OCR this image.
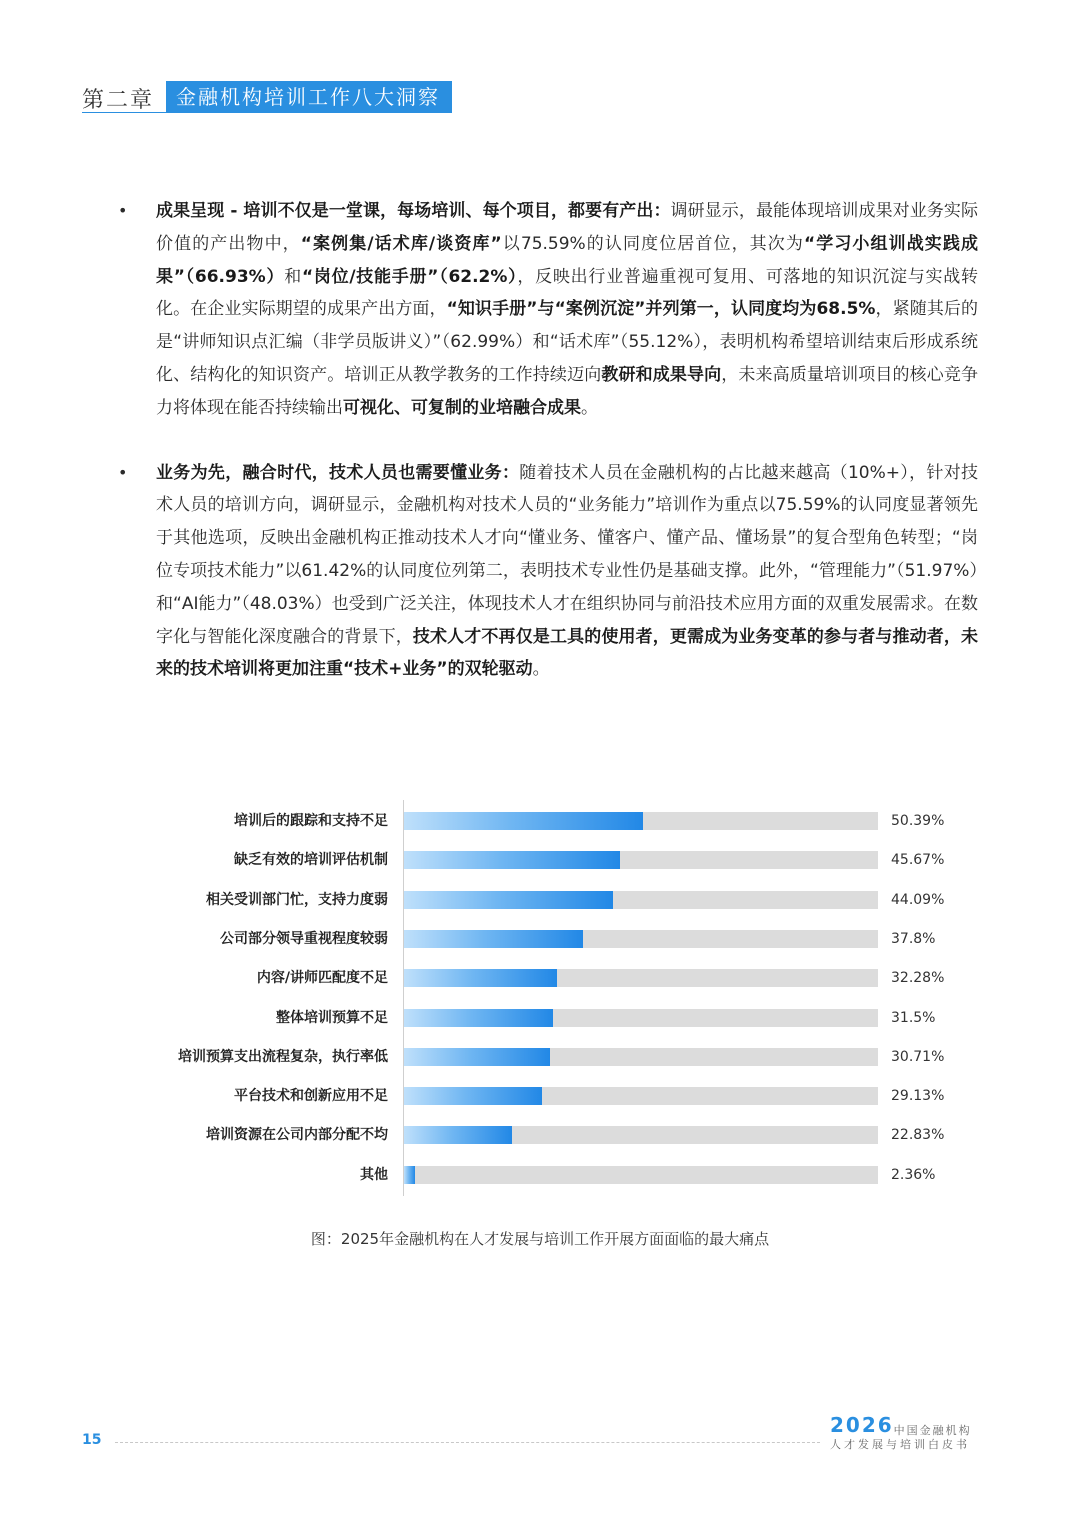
第二章	金融机构培训工作八大洞察
• 成果呈现 - 培训不仅是一堂课，每场培训、每个项目，都要有产出：调研显示，最能体现培训成果对业务实际价值的产出物中，“案例集/话术库/谈资库”以75.59%的认同度位居首位，其次为“学习小组训战实践成果”（66.93%）和“岗位/技能手册”（62.2%），反映出行业普遍重视可复用、可落地的知识沉淀与实战转化。在企业实际期望的成果产出方面，“知识手册”与“案例沉淀”并列第一，认同度均为68.5%，紧随其后的是“讲师知识点汇编（非学员版讲义）”（62.99%）和“话术库”（55.12%），表明机构希望培训结束后形成系统化、结构化的知识资产。培训正从教学教务的工作持续迈向教研和成果导向，未来高质量培训项目的核心竞争力将体现在能否持续输出可视化、可复制的业培融合成果。
• 业务为先，融合时代，技术人员也需要懂业务：随着技术人员在金融机构的占比越来越高（10%+），针对技术人员的培训方向，调研显示，金融机构对技术人员的“业务能力”培训作为重点以75.59%的认同度显著领先于其他选项，反映出金融机构正推动技术人才向“懂业务、懂客户、懂产品、懂场景”的复合型角色转型；“岗位专项技术能力”以61.42%的认同度位列第二，表明技术专业性仍是基础支撑。此外，“管理能力”（51.97%）和“AI能力”（48.03%）也受到广泛关注，体现技术人才在组织协同与前沿技术应用方面的双重发展需求。在数字化与智能化深度融合的背景下，技术人才不再仅是工具的使用者，更需成为业务变革的参与者与推动者，未来的技术培训将更加注重“技术+业务”的双轮驱动。
培训后的跟踪和支持不足	50.39%
缺乏有效的培训评估机制	45.67%
相关受训部门忙，支持力度弱	44.09%
公司部分领导重视程度较弱	37.8%
内容/讲师匹配度不足	32.28%
整体培训预算不足	31.5%
培训预算支出流程复杂，执行率低	30.71%
平台技术和创新应用不足	29.13%
培训资源在公司内部分配不均	22.83%
其他	2.36%
图：2025年金融机构在人才发展与培训工作开展方面面临的最大痛点
15
2026中国金融机构
人才发展与培训白皮书
